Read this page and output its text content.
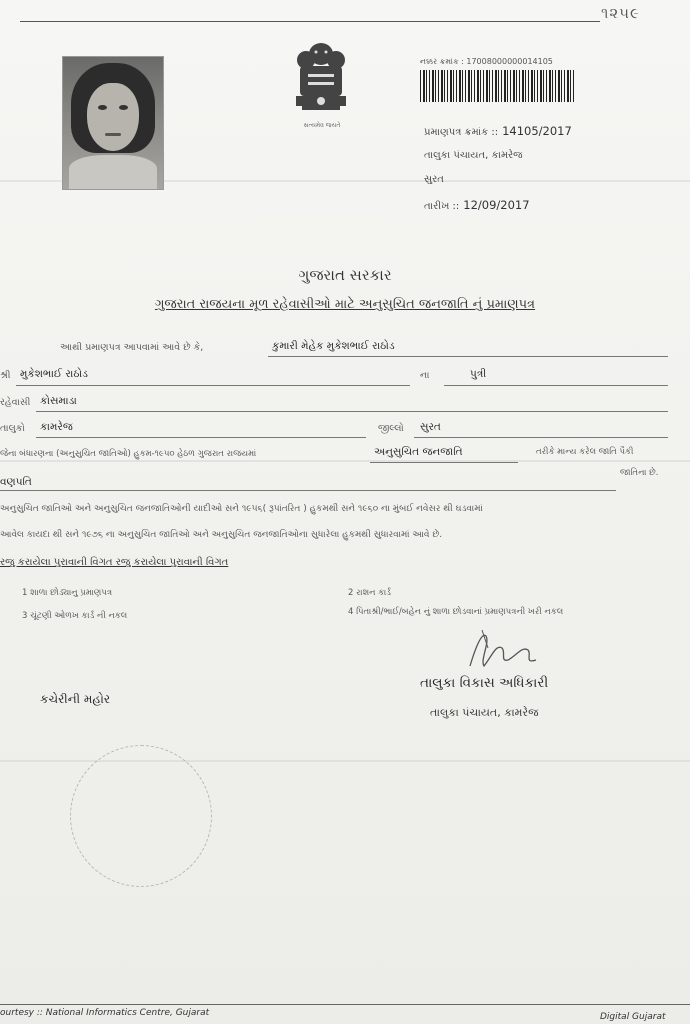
૧૨૫૯
સત્યમેવ જયતે
નક્કર ક્રમાંક : 17008000000014105
પ્રમાણપત્ર ક્રમાંક :: 14105/2017
તાલુકા પંચાયત, કામરેજ
સુરત
તારીખ :: 12/09/2017
ગુજરાત સરકાર
ગુજરાત રાજયના મૂળ રહેવાસીઓ માટે અનુસુચિત જનજાતિ નું પ્રમાણપત્ર
આથી પ્રમાણપત્ર આપવામાં આવે છે કે,	કુમારી મેહેક મુકેશભાઈ રાઠોડ
શ્રી મુકેશભાઈ રાઠોડ	ના	પુત્રી
રહેવાસી કોસમાડા
તાલુકો કામરેજ	જીલ્લો સુરત
જેના બંધારણના (અનુસુચિત જાતિઓ) હુકમ-૧૯૫૦ હેઠળ ગુજરાત રાજયમાં	અનુસુચિત જનજાતિ	તરીકે માન્ય કરેલ જાતિ પૈકી
જાતિના છે.
વણપતિ
અનુસુચિત જાતિઓ અને અનુસુચિત જનજાતિઓની યાદીઓ સને ૧૯૫૬( રૂપાંતરિત ) હુકમથી સને ૧૯૬૦ ના મુંબઈ નવેસર થી ઘડવામાં
આવેલ કાયદા થી સને ૧૯૭૬ ના અનુસુચિત જાતિઓ અને અનુસુચિત જનજાતિઓના સુધારેલા હુકમથી સુધારવામાં આવે છે.
રજુ કરાયેલા પુરાવાની વિગત રજુ કરાયેલા પુરાવાની વિગત
1 શાળા છોડ્યાનુ પ્રમાણપત્ર	2 રાશન કાર્ડ
3 ચૂંટણી ઓળખ કાર્ડ ની નકલ	4 પિતાશ્રી/ભાઈ/બહેન નું શાળા છોડવાનાં પ્રમાણપત્રની ખરી નકલ
તાલુકા વિકાસ અધિકારી
તાલુકા પંચાયત, કામરેજ
કચેરીની મહોર
ourtesy :: National Informatics Centre, Gujarat	Digital Gujarat
